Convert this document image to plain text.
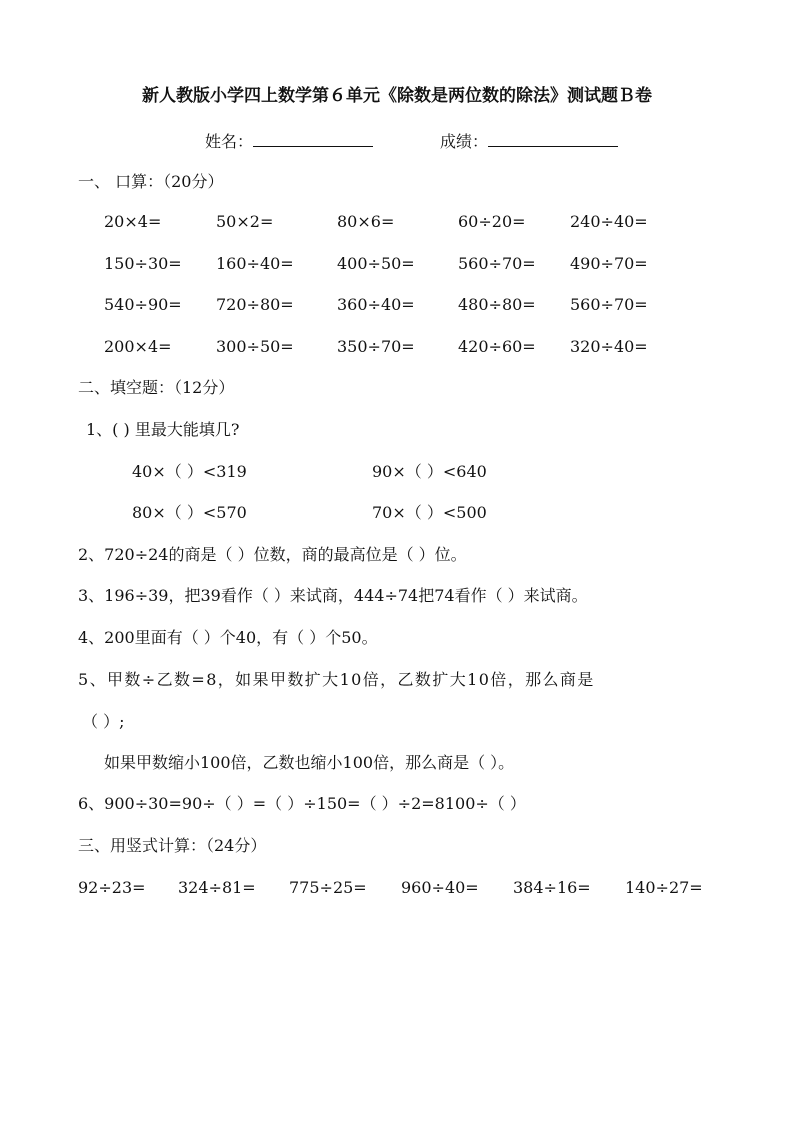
新人教版小学四上数学第６单元《除数是两位数的除法》测试题Ｂ卷
姓名：	成绩：
一、 口算：（20分）
20×4=	50×2=	80×6=	60÷20=	240÷40=
150÷30= 160÷40=	400÷50=	560÷70= 490÷70=
540÷90= 720÷80=	360÷40=	480÷80= 560÷70=
200×4=	300÷50=	350÷70=	420÷60= 320÷40=
二、填空题：（12分）
1、( ) 里最大能填几?
40×（ ）<319	90×（ ）<640
80×（ ）<570	70×（ ）<500
2、720÷24的商是（ ）位数，商的最高位是（ ）位。
3、196÷39，把39看作（ ）来试商，444÷74把74看作（ ）来试商。
4、200里面有（ ）个40，有（ ）个50。
5、甲数÷乙数=8，如果甲数扩大10倍，乙数扩大10倍，那么商是
（ ）;
如果甲数缩小100倍，乙数也缩小100倍，那么商是（ ）。
6、900÷30=90÷（ ）=（ ）÷150=（ ）÷2=8100÷（ ）
三、用竖式计算：（24分）
92÷23= 324÷81= 775÷25= 960÷40= 384÷16= 140÷27=
